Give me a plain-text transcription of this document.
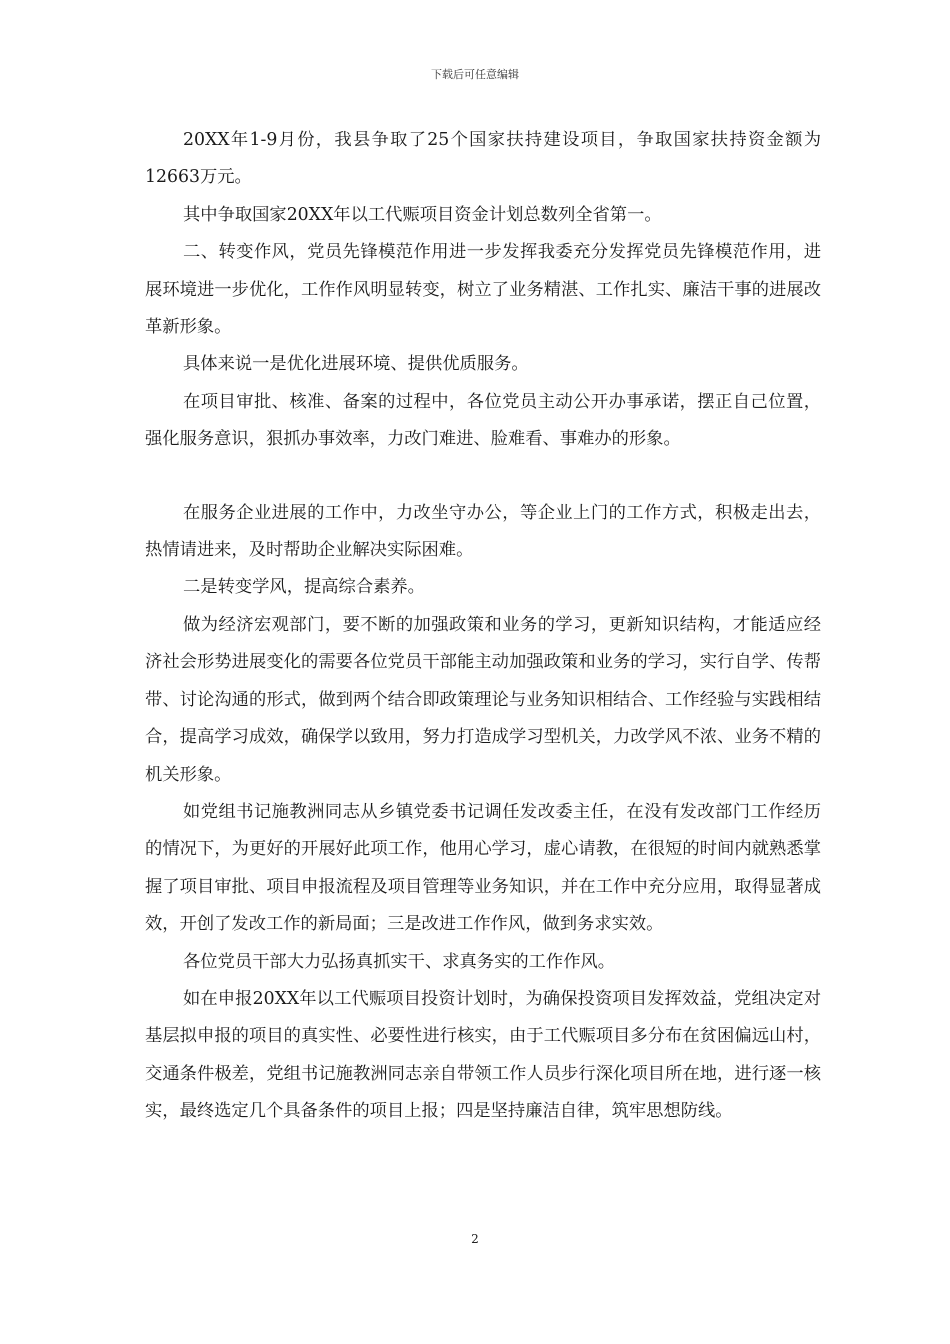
下载后可任意编辑

20XX年1-9月份，我县争取了25个国家扶持建设项目，争取国家扶持资金额为12663万元。

其中争取国家20XX年以工代赈项目资金计划总数列全省第一。

二、转变作风，党员先锋模范作用进一步发挥我委充分发挥党员先锋模范作用，进展环境进一步优化，工作作风明显转变，树立了业务精湛、工作扎实、廉洁干事的进展改革新形象。

具体来说一是优化进展环境、提供优质服务。

在项目审批、核准、备案的过程中，各位党员主动公开办事承诺，摆正自己位置，强化服务意识，狠抓办事效率，力改门难进、脸难看、事难办的形象。

在服务企业进展的工作中，力改坐守办公，等企业上门的工作方式，积极走出去，热情请进来，及时帮助企业解决实际困难。

二是转变学风，提高综合素养。

做为经济宏观部门，要不断的加强政策和业务的学习，更新知识结构，才能适应经济社会形势进展变化的需要各位党员干部能主动加强政策和业务的学习，实行自学、传帮带、讨论沟通的形式，做到两个结合即政策理论与业务知识相结合、工作经验与实践相结合，提高学习成效，确保学以致用，努力打造成学习型机关，力改学风不浓、业务不精的机关形象。

如党组书记施教洲同志从乡镇党委书记调任发改委主任，在没有发改部门工作经历的情况下，为更好的开展好此项工作，他用心学习，虚心请教，在很短的时间内就熟悉掌握了项目审批、项目申报流程及项目管理等业务知识，并在工作中充分应用，取得显著成效，开创了发改工作的新局面；三是改进工作作风，做到务求实效。

各位党员干部大力弘扬真抓实干、求真务实的工作作风。

如在申报20XX年以工代赈项目投资计划时，为确保投资项目发挥效益，党组决定对基层拟申报的项目的真实性、必要性进行核实，由于工代赈项目多分布在贫困偏远山村，交通条件极差，党组书记施教洲同志亲自带领工作人员步行深化项目所在地，进行逐一核实，最终选定几个具备条件的项目上报；四是坚持廉洁自律，筑牢思想防线。

2
